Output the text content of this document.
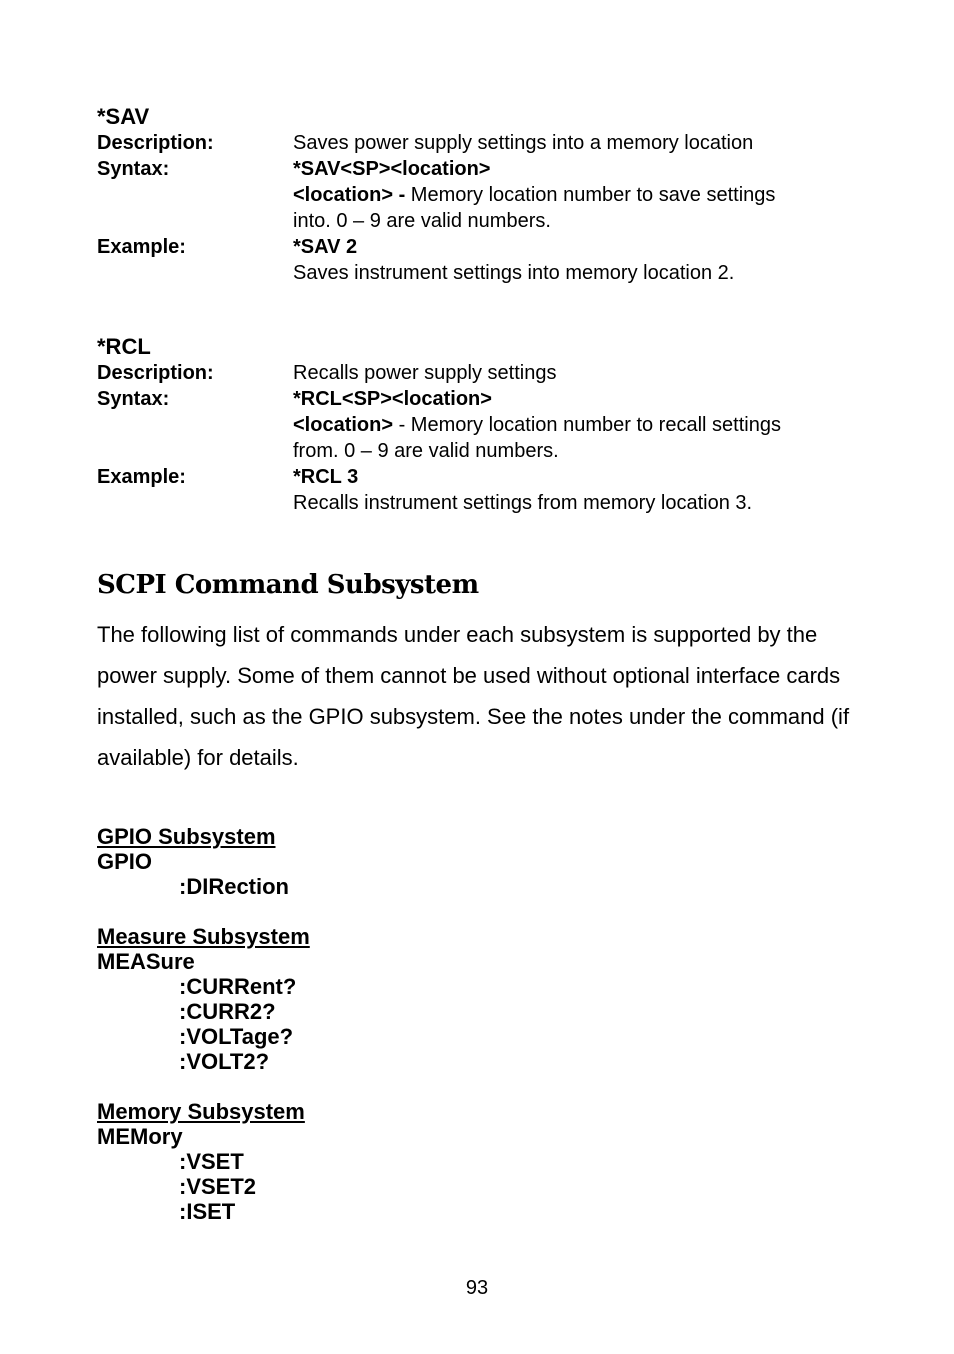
*SAV
Description:	Saves power supply settings into a memory location
Syntax:	*SAV<SP><location>
<location> - Memory location number to save settings
into. 0 – 9 are valid numbers.
Example:	*SAV 2
Saves instrument settings into memory location 2.
*RCL
Description:	Recalls power supply settings
Syntax:	*RCL<SP><location>
<location> - Memory location number to recall settings
from. 0 – 9 are valid numbers.
Example:	*RCL 3
Recalls instrument settings from memory location 3.
SCPI Command Subsystem
The following list of commands under each subsystem is supported by the power supply. Some of them cannot be used without optional interface cards installed, such as the GPIO subsystem. See the notes under the command (if available) for details.
GPIO Subsystem
GPIO
:DIRection
Measure Subsystem
MEASure
:CURRent?
:CURR2?
:VOLTage?
:VOLT2?
Memory Subsystem
MEMory
:VSET
:VSET2
:ISET
93
